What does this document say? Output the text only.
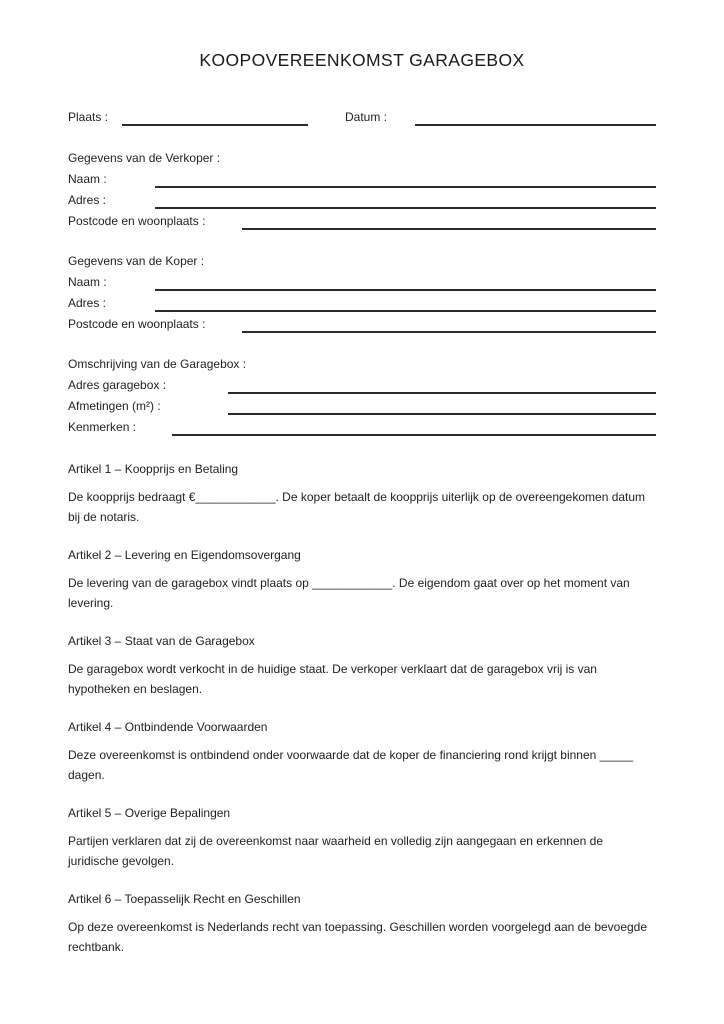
KOOPOVEREENKOMST GARAGEBOX
Plaats :	Datum :
Gegevens van de Verkoper :
Naam :
Adres :
Postcode en woonplaats :
Gegevens van de Koper :
Naam :
Adres :
Postcode en woonplaats :
Omschrijving van de Garagebox :
Adres garagebox :
Afmetingen (m²) :
Kenmerken :
Artikel 1 – Koopprijs en Betaling
De koopprijs bedraagt €____________. De koper betaalt de koopprijs uiterlijk op de overeengekomen datum bij de notaris.
Artikel 2 – Levering en Eigendomsovergang
De levering van de garagebox vindt plaats op ____________. De eigendom gaat over op het moment van levering.
Artikel 3 – Staat van de Garagebox
De garagebox wordt verkocht in de huidige staat. De verkoper verklaart dat de garagebox vrij is van hypotheken en beslagen.
Artikel 4 – Ontbindende Voorwaarden
Deze overeenkomst is ontbindend onder voorwaarde dat de koper de financiering rond krijgt binnen _____ dagen.
Artikel 5 – Overige Bepalingen
Partijen verklaren dat zij de overeenkomst naar waarheid en volledig zijn aangegaan en erkennen de juridische gevolgen.
Artikel 6 – Toepasselijk Recht en Geschillen
Op deze overeenkomst is Nederlands recht van toepassing. Geschillen worden voorgelegd aan de bevoegde rechtbank.
